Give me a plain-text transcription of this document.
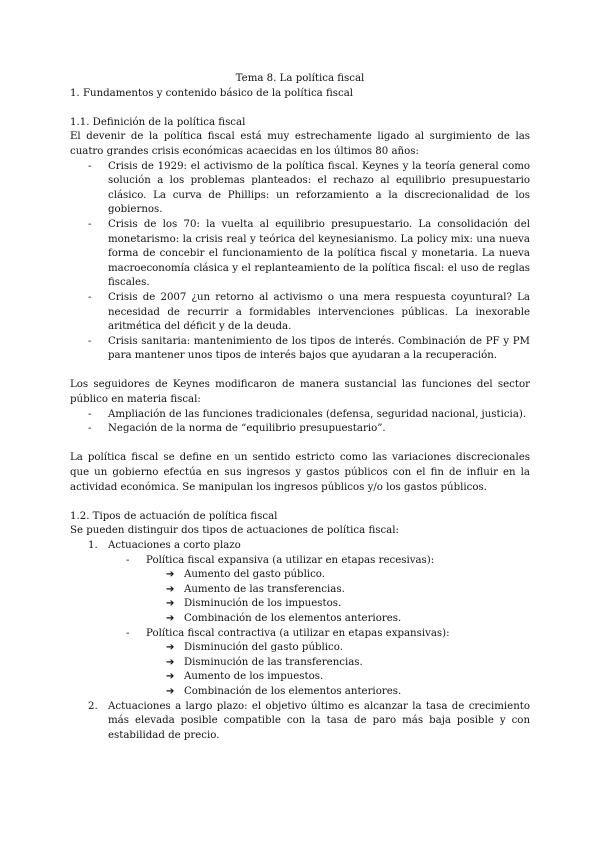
Tema 8. La política fiscal

1. Fundamentos y contenido básico de la política fiscal

1.1. Definición de la política fiscal

El devenir de la política fiscal está muy estrechamente ligado al surgimiento de las cuatro grandes crisis económicas acaecidas en los últimos 80 años:

- Crisis de 1929: el activismo de la política fiscal. Keynes y la teoría general como solución a los problemas planteados: el rechazo al equilibrio presupuestario clásico. La curva de Phillips: un reforzamiento a la discrecionalidad de los gobiernos.
- Crisis de los 70: la vuelta al equilibrio presupuestario. La consolidación del monetarismo: la crisis real y teórica del keynesianismo. La policy mix: una nueva forma de concebir el funcionamiento de la política fiscal y monetaria. La nueva macroeconomía clásica y el replanteamiento de la política fiscal: el uso de reglas fiscales.
- Crisis de 2007 ¿un retorno al activismo o una mera respuesta coyuntural? La necesidad de recurrir a formidables intervenciones públicas. La inexorable aritmética del déficit y de la deuda.
- Crisis sanitaria: mantenimiento de los tipos de interés. Combinación de PF y PM para mantener unos tipos de interés bajos que ayudaran a la recuperación.

Los seguidores de Keynes modificaron de manera sustancial las funciones del sector público en materia fiscal:

- Ampliación de las funciones tradicionales (defensa, seguridad nacional, justicia).
- Negación de la norma de “equilibrio presupuestario”.

La política fiscal se define en un sentido estricto como las variaciones discrecionales que un gobierno efectúa en sus ingresos y gastos públicos con el fin de influir en la actividad económica. Se manipulan los ingresos públicos y/o los gastos públicos.

1.2. Tipos de actuación de política fiscal

Se pueden distinguir dos tipos de actuaciones de política fiscal:

1. Actuaciones a corto plazo
- Política fiscal expansiva (a utilizar en etapas recesivas):
➔ Aumento del gasto público.
➔ Aumento de las transferencias.
➔ Disminución de los impuestos.
➔ Combinación de los elementos anteriores.
- Política fiscal contractiva (a utilizar en etapas expansivas):
➔ Disminución del gasto público.
➔ Disminución de las transferencias.
➔ Aumento de los impuestos.
➔ Combinación de los elementos anteriores.
2. Actuaciones a largo plazo: el objetivo último es alcanzar la tasa de crecimiento más elevada posible compatible con la tasa de paro más baja posible y con estabilidad de precio.
